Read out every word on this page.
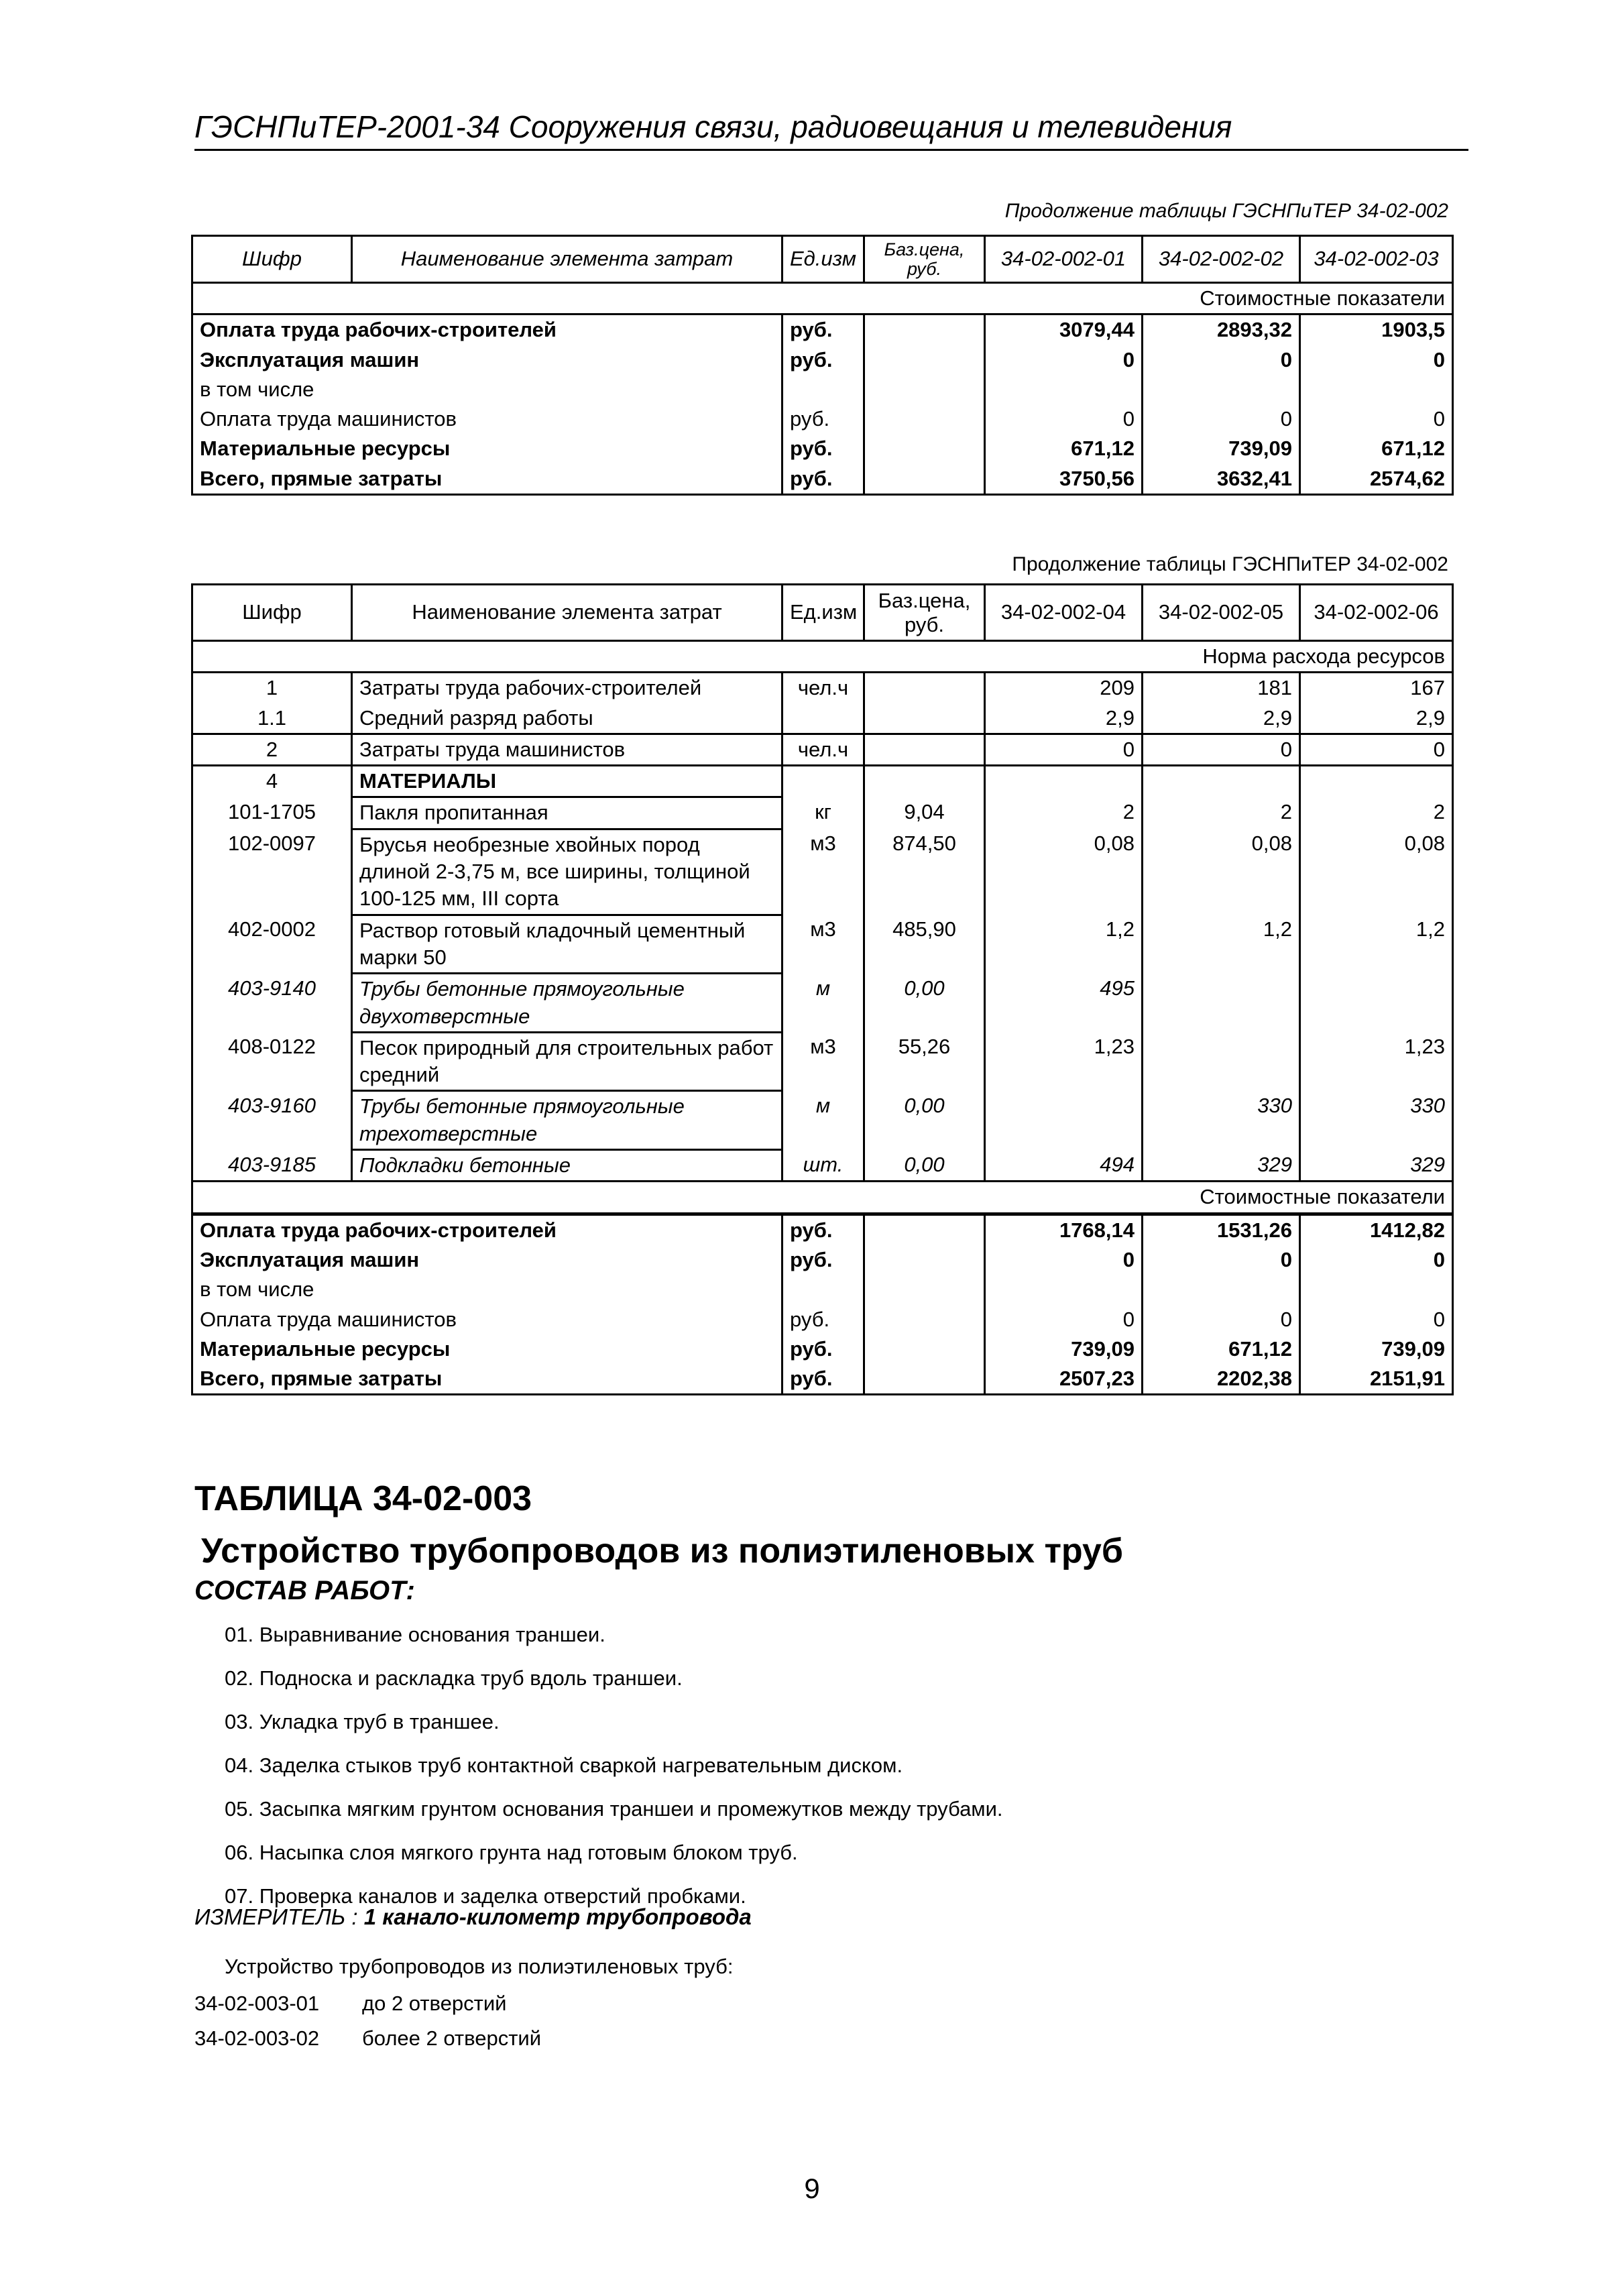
ГЭСНПиТЕР-2001-34 Сооружения связи, радиовещания и телевидения
Продолжение таблицы ГЭСНПиТЕР 34-02-002
Шифр	Наименование элемента затрат	Ед.изм	Баз.цена, руб.	34-02-002-01	34-02-002-02	34-02-002-03
Стоимостные показатели						
Оплата труда рабочих-строителей		руб.		3079,44	2893,32	1903,5
Эксплуатация машин		руб.		0	0	0
в том числе						
Оплата труда машинистов		руб.		0	0	0
Материальные ресурсы		руб.		671,12	739,09	671,12
Всего, прямые затраты		руб.		3750,56	3632,41	2574,62
Продолжение таблицы ГЭСНПиТЕР 34-02-002
Шифр	Наименование элемента затрат	Ед.изм	Баз.цена, руб.	34-02-002-04	34-02-002-05	34-02-002-06
Норма расхода ресурсов						
1	Затраты труда рабочих-строителей	чел.ч		209	181	167
1.1	Средний разряд работы			2,9	2,9	2,9
2	Затраты труда машинистов	чел.ч		0	0	0
4	МАТЕРИАЛЫ					
101-1705	Пакля пропитанная	кг	9,04	2	2	2
102-0097	Брусья необрезные хвойных пород длиной 2-3,75 м, все ширины, толщиной 100-125 мм, III сорта	м3	874,50	0,08	0,08	0,08
402-0002	Раствор готовый кладочный цементный марки 50	м3	485,90	1,2	1,2	1,2
403-9140	Трубы бетонные прямоугольные двухотверстные	м	0,00	495		
408-0122	Песок природный для строительных работ средний	м3	55,26	1,23		1,23
403-9160	Трубы бетонные прямоугольные трехотверстные	м	0,00		330	330
403-9185	Подкладки бетонные	шт.	0,00	494	329	329
Стоимостные показатели						
Оплата труда рабочих-строителей		руб.		1768,14	1531,26	1412,82
Эксплуатация машин		руб.		0	0	0
в том числе						
Оплата труда машинистов		руб.		0	0	0
Материальные ресурсы		руб.		739,09	671,12	739,09
Всего, прямые затраты		руб.		2507,23	2202,38	2151,91
ТАБЛИЦА 34-02-003
Устройство трубопроводов из полиэтиленовых труб
СОСТАВ РАБОТ:
01. Выравнивание основания траншеи.
02. Подноска и раскладка труб вдоль траншеи.
03. Укладка труб в траншее.
04. Заделка стыков труб контактной сваркой нагревательным диском.
05. Засыпка мягким грунтом основания траншеи и промежутков между трубами.
06. Насыпка слоя мягкого грунта над готовым блоком труб.
07. Проверка каналов и заделка отверстий пробками.
ИЗМЕРИТЕЛЬ : 1 канало-километр трубопровода
Устройство трубопроводов из полиэтиленовых труб:
34-02-003-01 до 2 отверстий
34-02-003-02 более 2 отверстий
9
